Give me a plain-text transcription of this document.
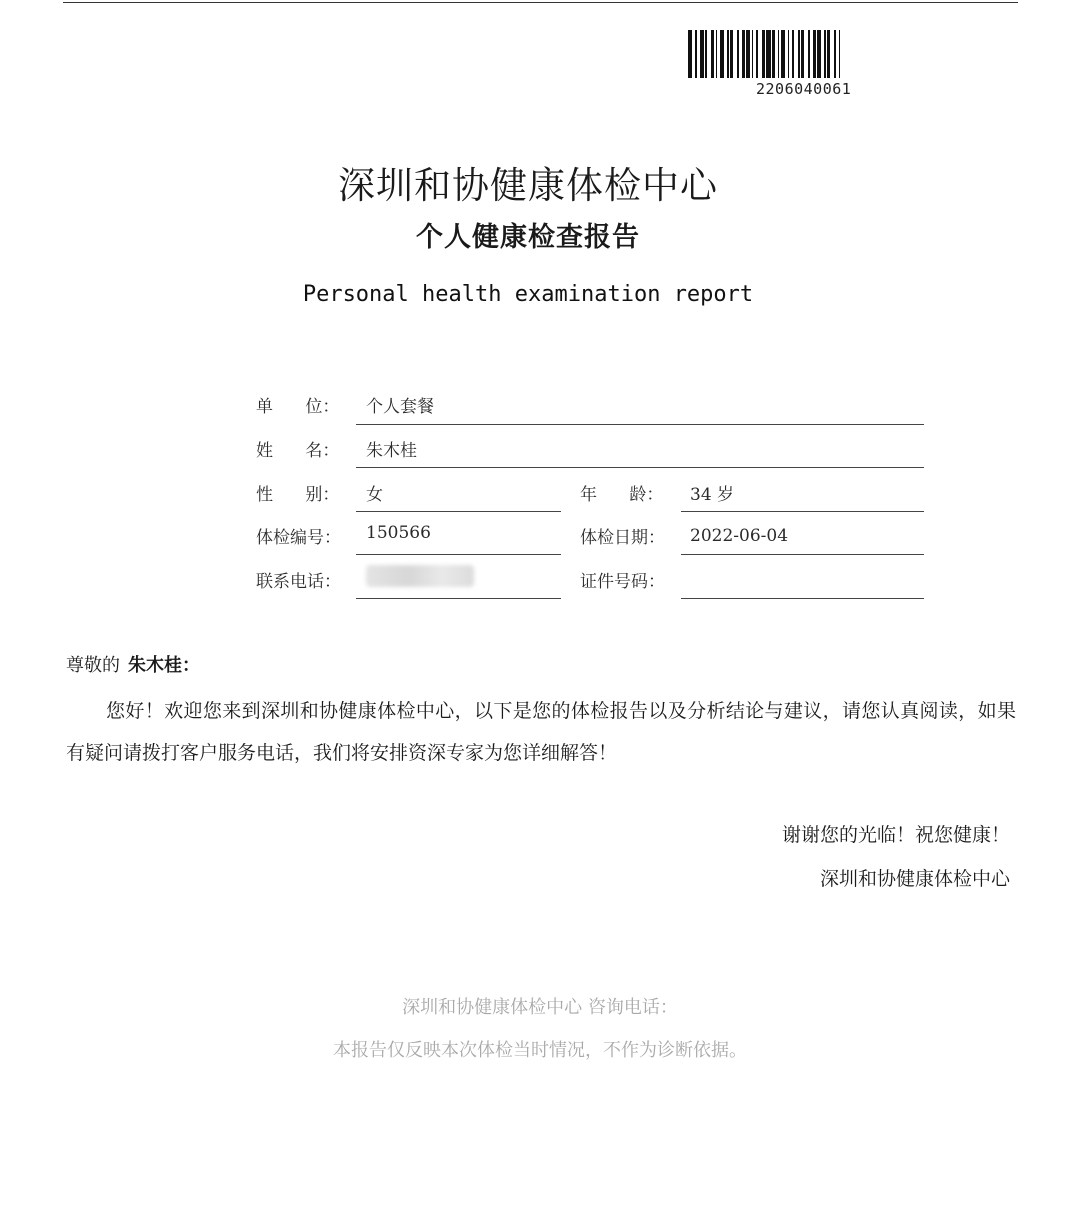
2206040061
深圳和协健康体检中心
个人健康检查报告
Personal health examination report
单      位： 个人套餐
姓      名： 朱木桂
性      别： 女	年      龄： 34 岁
体检编号： 150566	体检日期： 2022-06-04
联系电话：	证件号码：
尊敬的 朱木桂：
您好！欢迎您来到深圳和协健康体检中心，以下是您的体检报告以及分析结论与建议，请您认真阅读，如果有疑问请拨打客户服务电话，我们将安排资深专家为您详细解答！
谢谢您的光临！祝您健康！
深圳和协健康体检中心
深圳和协健康体检中心 咨询电话：
本报告仅反映本次体检当时情况，不作为诊断依据。
